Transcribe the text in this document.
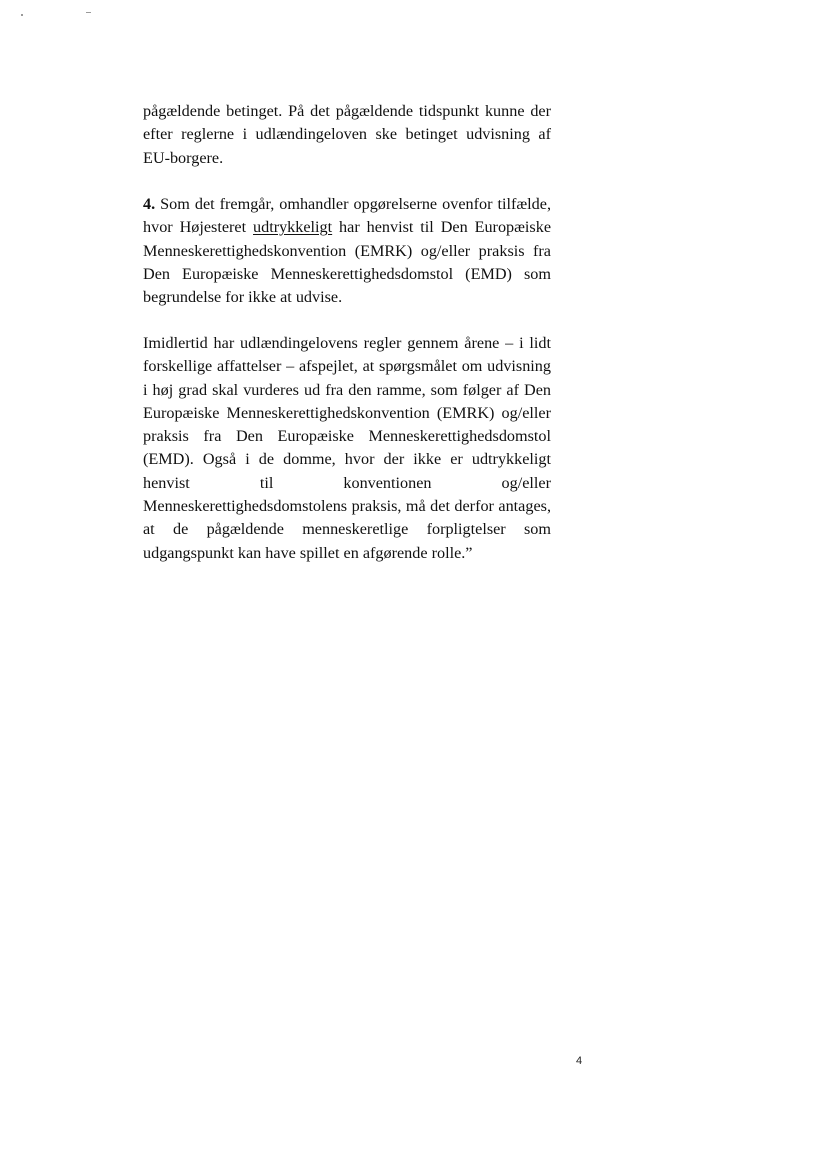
pågældende betinget. På det pågældende tidspunkt kunne der efter reglerne i udlændingeloven ske betinget udvisning af EU-borgere.

4. Som det fremgår, omhandler opgørelserne ovenfor tilfælde, hvor Højesteret udtrykkeligt har henvist til Den Europæiske Menneskerettighedskonvention (EMRK) og/eller praksis fra Den Europæiske Menneskerettighedsdomstol (EMD) som begrundelse for ikke at udvise.

Imidlertid har udlændingelovens regler gennem årene – i lidt forskellige affattelser – afspejlet, at spørgsmålet om udvisning i høj grad skal vurderes ud fra den ramme, som følger af Den Europæiske Menneskerettighedskonvention (EMRK) og/eller praksis fra Den Europæiske Menneskerettighedsdomstol (EMD). Også i de domme, hvor der ikke er udtrykkeligt henvist til konventionen og/eller Menneskerettighedsdomstolens praksis, må det derfor antages, at de pågældende menneskeretlige forpligtelser som udgangspunkt kan have spillet en afgørende rolle.”

4
